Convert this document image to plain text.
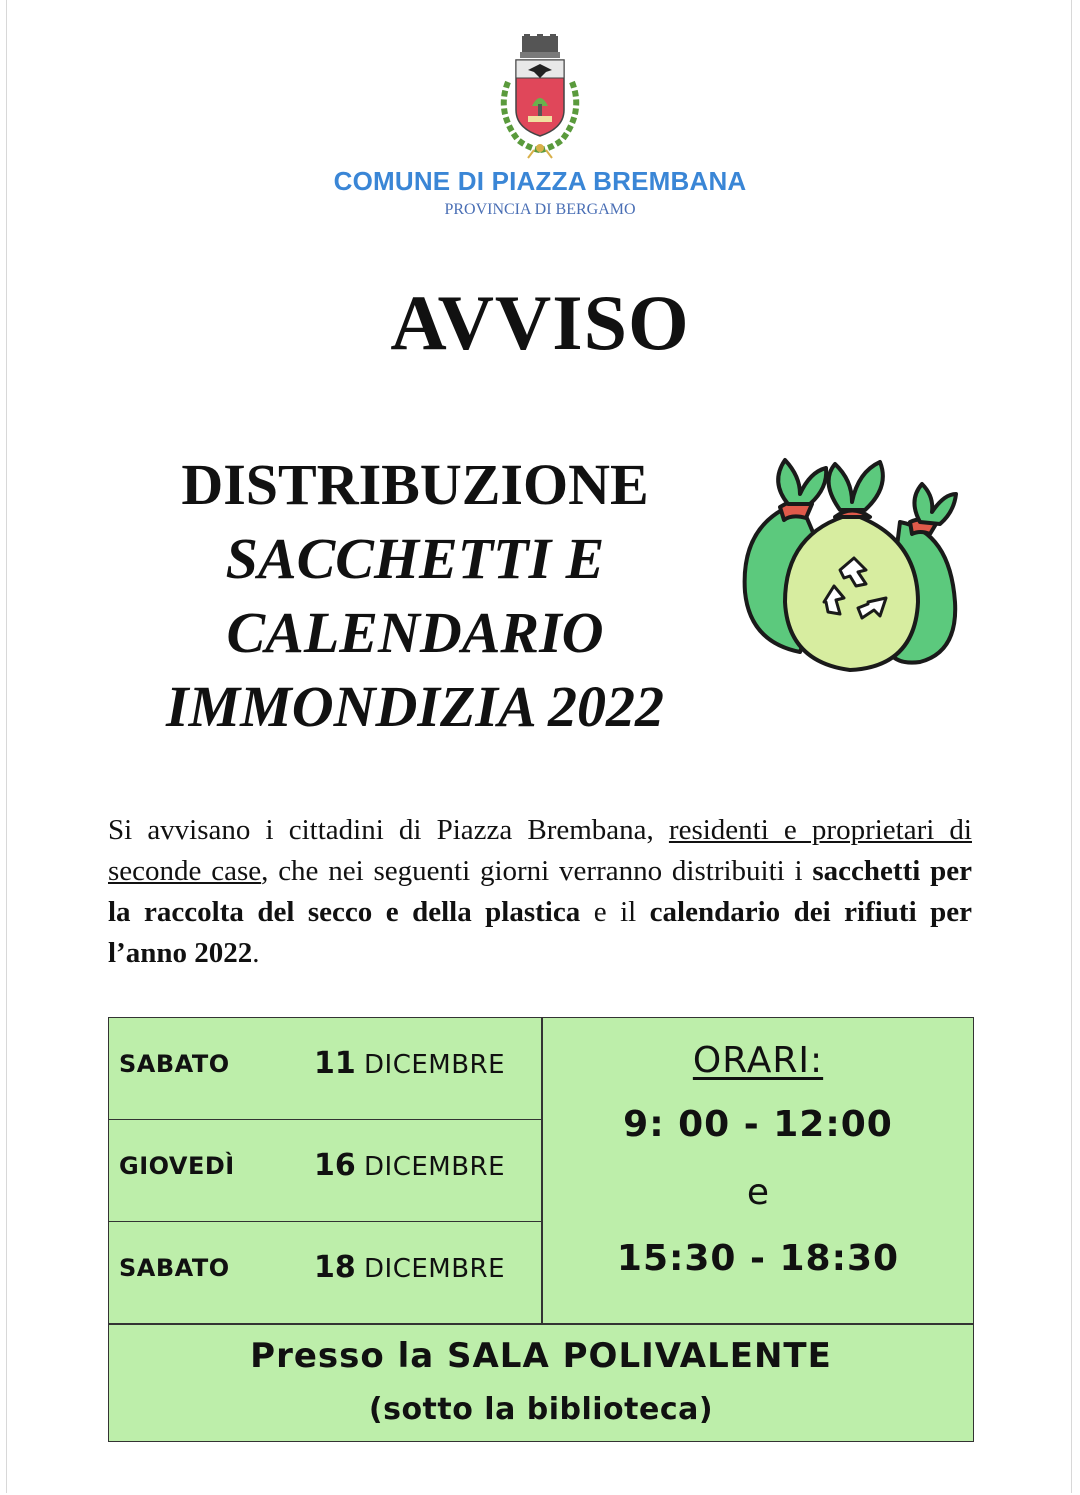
COMUNE DI PIAZZA BREMBANA
PROVINCIA DI BERGAMO
AVVISO
DISTRIBUZIONE
SACCHETTI E
CALENDARIO
IMMONDIZIA 2022
Si avvisano i cittadini di Piazza Brembana, residenti e proprietari di seconde case, che nei seguenti giorni verranno distribuiti i sacchetti per la raccolta del secco e della plastica e il calendario dei rifiuti per l’anno 2022.
SABATO	11 DICEMBRE
GIOVEDÌ	16 DICEMBRE
SABATO	18 DICEMBRE
ORARI:
9: 00 - 12:00
e
15:30 - 18:30
Presso la SALA POLIVALENTE
(sotto la biblioteca)
